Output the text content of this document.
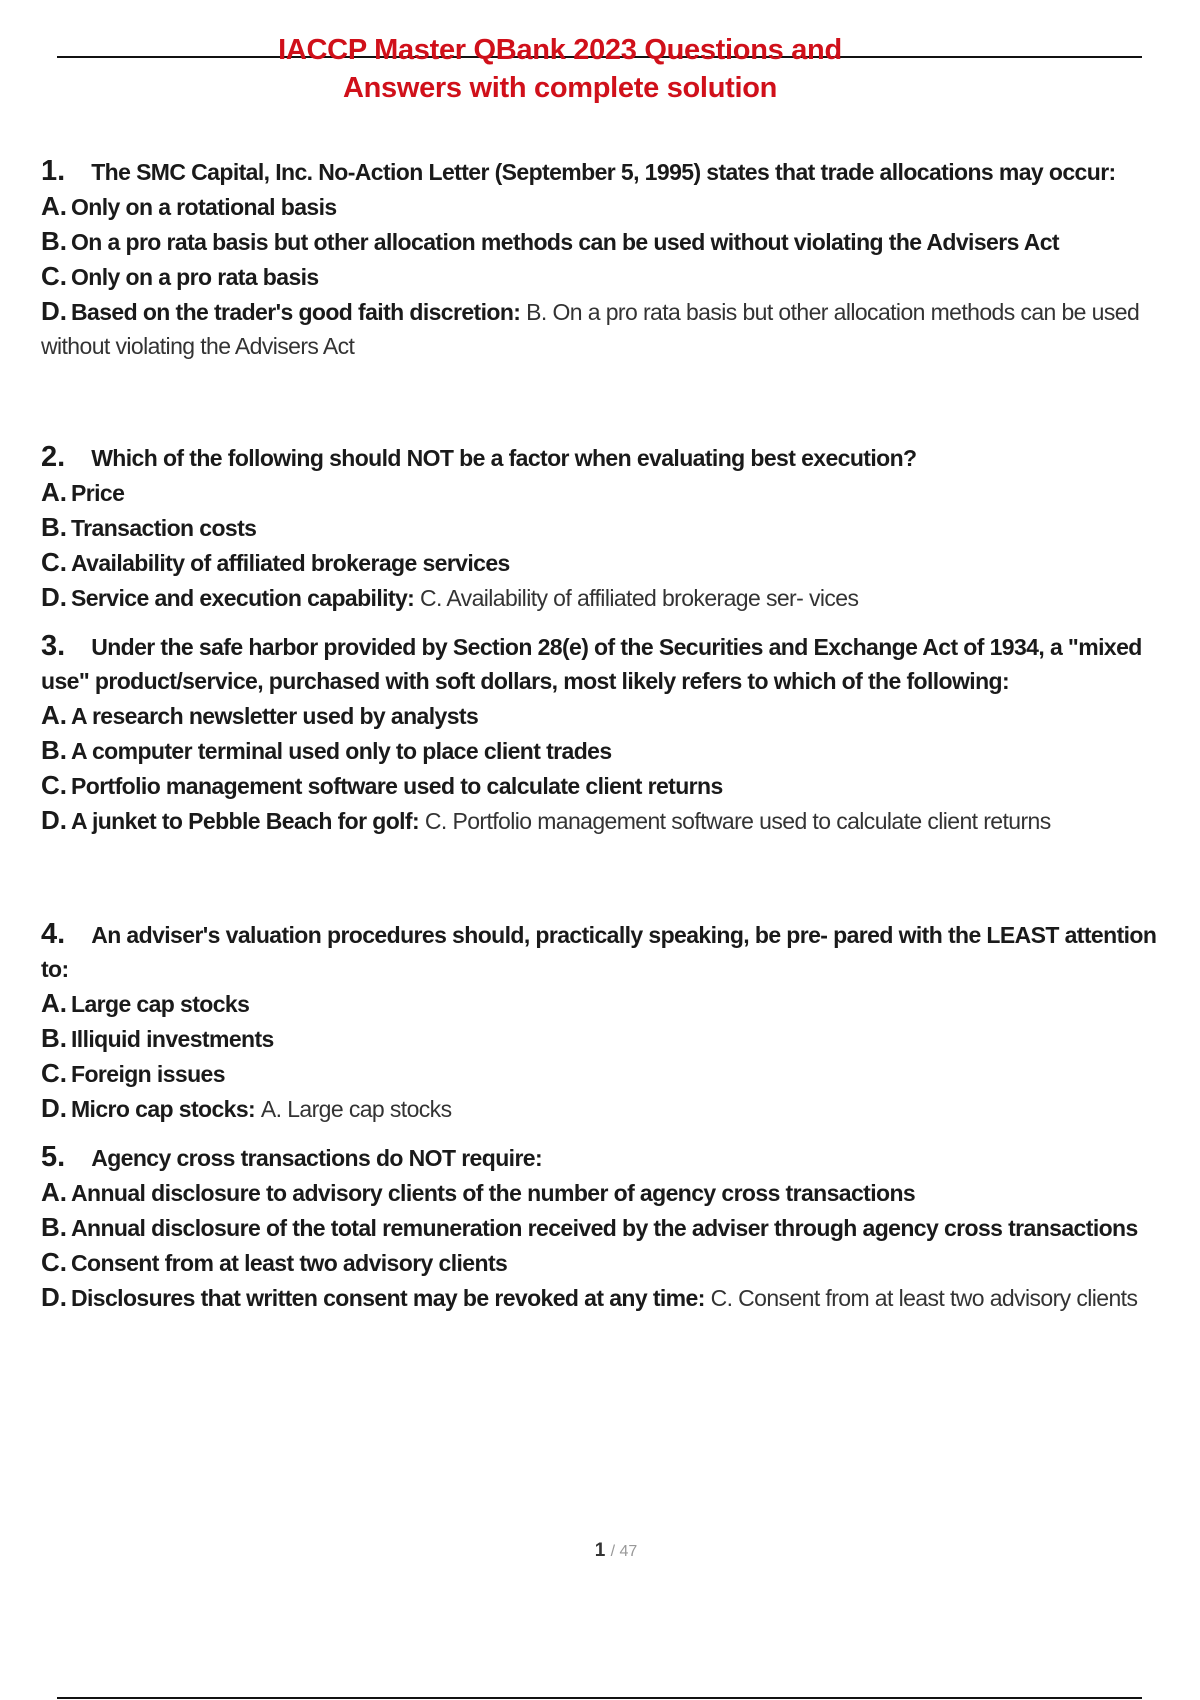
IACCP Master QBank 2023 Questions and
Answers with complete solution

1. The SMC Capital, Inc. No-Action Letter (September 5, 1995) states that trade allocations may occur:

A. Only on a rotational basis

B. On a pro rata basis but other allocation methods can be used without violating the Advisers Act

C. Only on a pro rata basis

D. Based on the trader's good faith discretion: B. On a pro rata basis but other allocation methods can be used without violating the Advisers Act

2. Which of the following should NOT be a factor when evaluating best execution?

A. Price

B. Transaction costs

C. Availability of affiliated brokerage services

D. Service and execution capability: C. Availability of affiliated brokerage ser- vices

3. Under the safe harbor provided by Section 28(e) of the Securities and Exchange Act of 1934, a "mixed use" product/service, purchased with soft dollars, most likely refers to which of the following:

A. A research newsletter used by analysts

B. A computer terminal used only to place client trades

C. Portfolio management software used to calculate client returns

D. A junket to Pebble Beach for golf: C. Portfolio management software used to calculate client returns

4. An adviser's valuation procedures should, practically speaking, be pre- pared with the LEAST attention to:

A. Large cap stocks

B. Illiquid investments

C. Foreign issues

D. Micro cap stocks: A. Large cap stocks

5. Agency cross transactions do NOT require:

A. Annual disclosure to advisory clients of the number of agency cross transactions

B. Annual disclosure of the total remuneration received by the adviser through agency cross transactions

C. Consent from at least two advisory clients

D. Disclosures that written consent may be revoked at any time: C. Consent from at least two advisory clients

1 / 47
